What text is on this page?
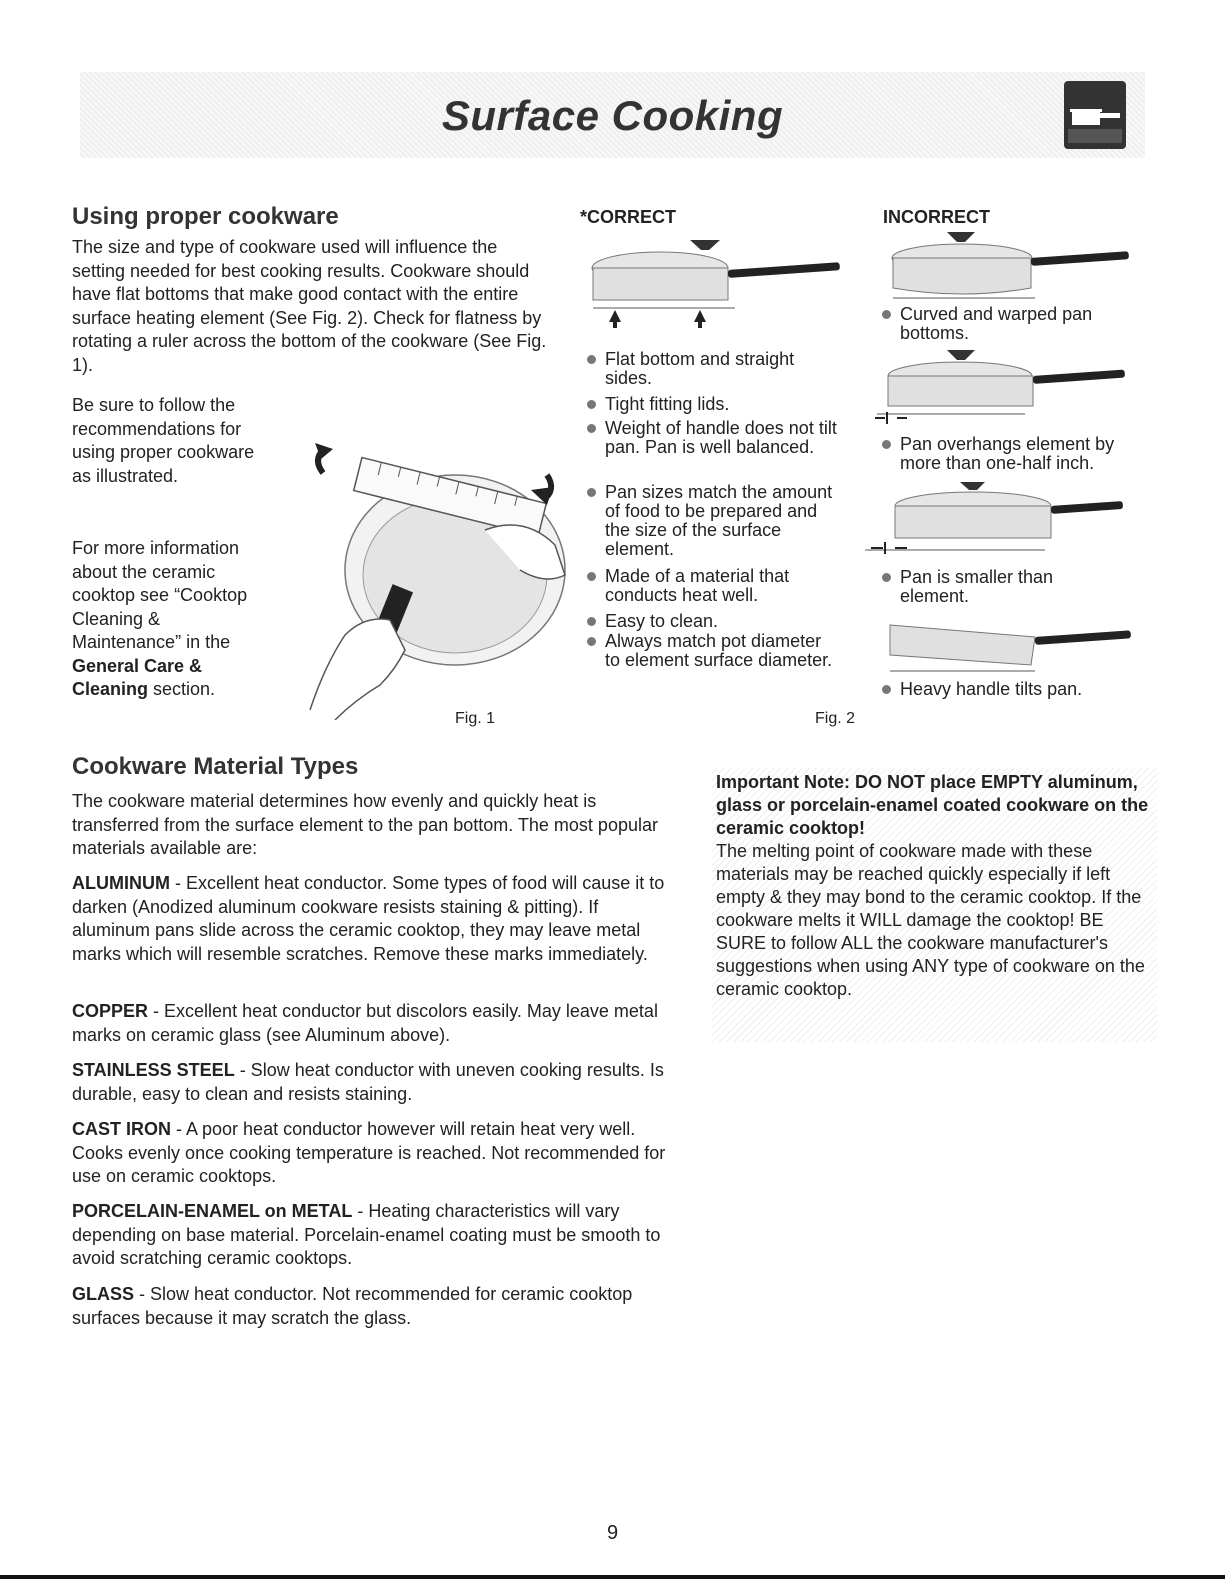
Surface Cooking
Using proper cookware
The size and type of cookware used will influence the setting needed for best cooking results. Cookware should have flat bottoms that make good contact with the entire surface heating element (See Fig. 2). Check for flatness by rotating a ruler across the bottom of the cookware (See Fig. 1).
Be sure to follow the recommendations for using proper cookware as illustrated.
For more information about the ceramic cooktop see “Cooktop Cleaning & Maintenance” in the General Care & Cleaning section.
Fig. 1
*CORRECT
Flat bottom and straight sides.
Tight fitting lids.
Weight of handle does not tilt pan. Pan is well balanced.
Pan sizes match the amount of food to be prepared and the size of the surface element.
Made of a material that conducts heat well.
Easy to clean.
Always match pot diameter to element surface diameter.
INCORRECT
Curved and warped pan bottoms.
Pan overhangs element by more than one-half inch.
Pan is smaller than element.
Heavy handle tilts pan.
Fig. 2
Cookware Material Types
The cookware material determines how evenly and quickly heat is transferred from the surface element to the pan bottom. The most popular materials available are:
ALUMINUM - Excellent heat conductor. Some types of food will cause it to darken (Anodized aluminum cookware resists staining & pitting). If aluminum pans slide across the ceramic cooktop, they may leave metal marks which will resemble scratches. Remove these marks immediately.
COPPER - Excellent heat conductor but discolors easily. May leave metal marks on ceramic glass (see Aluminum above).
STAINLESS STEEL - Slow heat conductor with uneven cooking results. Is durable, easy to clean and resists staining.
CAST IRON - A poor heat conductor however will retain heat very well. Cooks evenly once cooking temperature is reached. Not recommended for use on ceramic cooktops.
PORCELAIN-ENAMEL on METAL - Heating characteristics will vary depending on base material. Porcelain-enamel coating must be smooth to avoid scratching ceramic cooktops.
GLASS - Slow heat conductor. Not recommended for ceramic cooktop surfaces because it may scratch the glass.
Important Note: DO NOT place EMPTY aluminum, glass or porcelain-enamel coated cookware on the ceramic cooktop!
The melting point of cookware made with these materials may be reached quickly especially if left empty & they may bond to the ceramic cooktop. If the cookware melts it WILL damage the cooktop! BE SURE to follow ALL the cookware manufacturer's suggestions when using ANY type of cookware on the ceramic cooktop.
9
